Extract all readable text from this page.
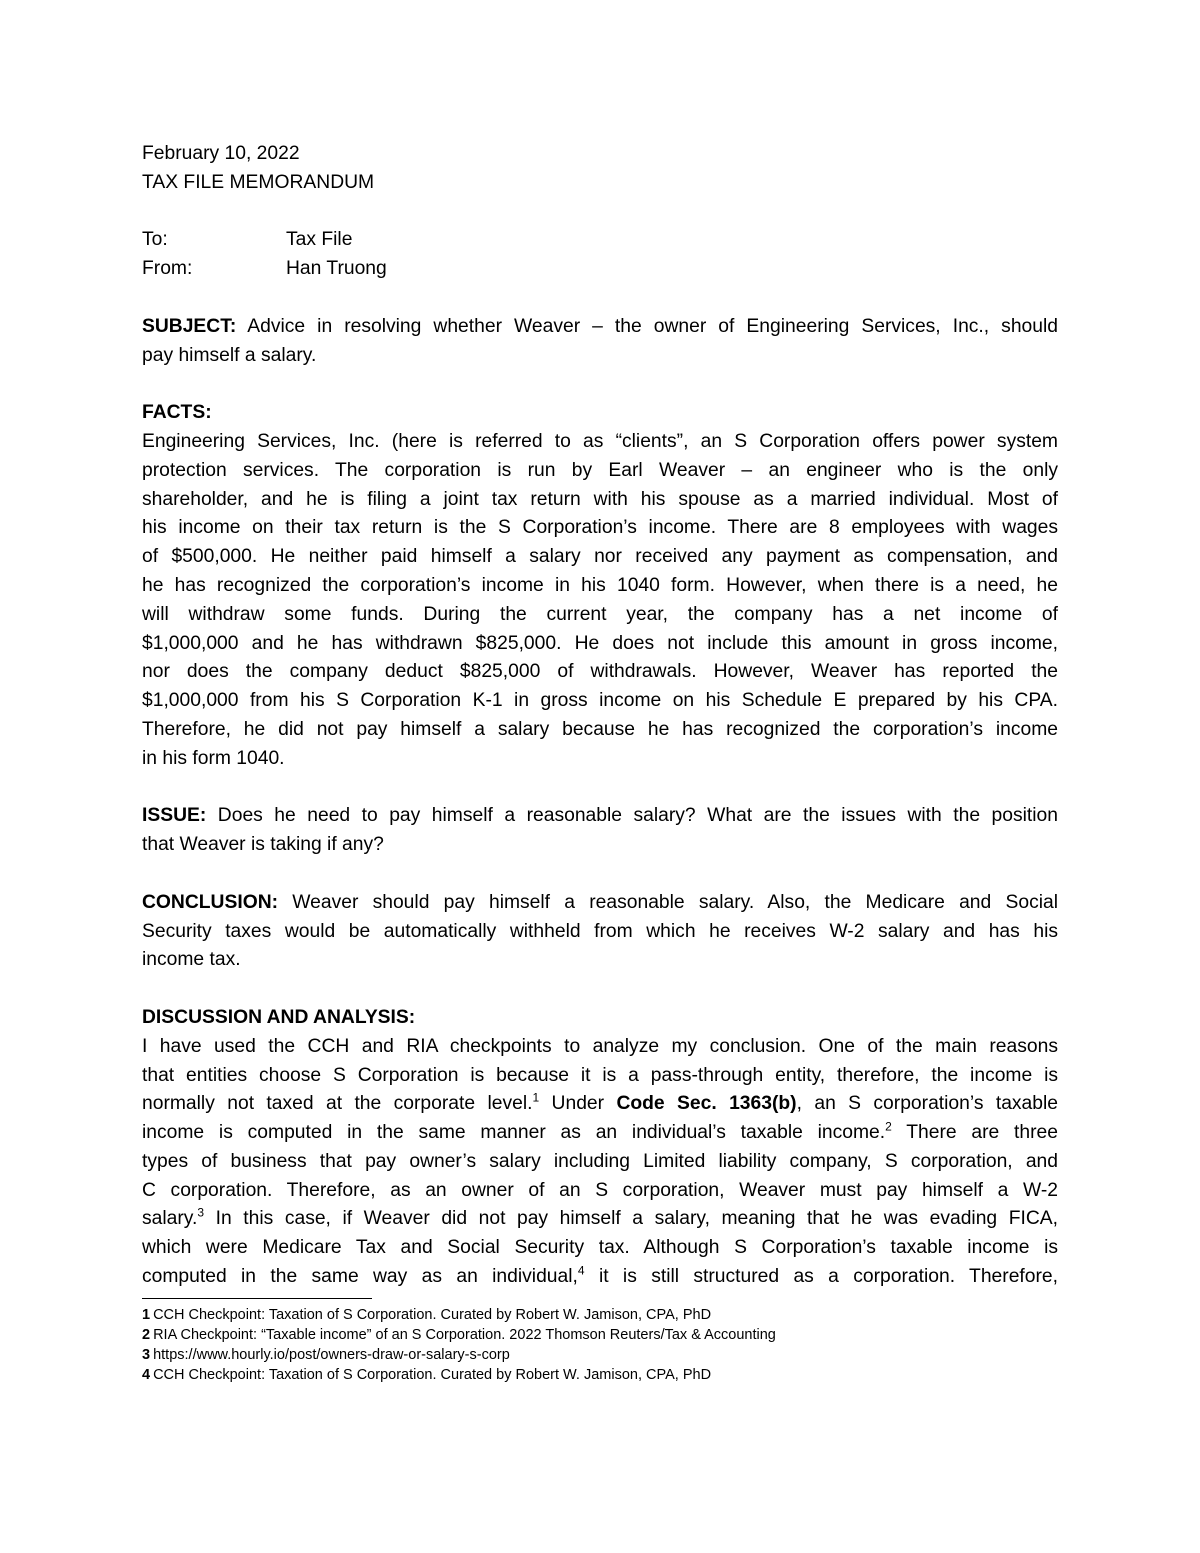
February 10, 2022
TAX FILE MEMORANDUM
To:	Tax File
From:	Han Truong
SUBJECT: Advice in resolving whether Weaver – the owner of Engineering Services, Inc., should
pay himself a salary.
FACTS:
Engineering Services, Inc. (here is referred to as “clients”, an S Corporation offers power system
protection services. The corporation is run by Earl Weaver – an engineer who is the only
shareholder, and he is filing a joint tax return with his spouse as a married individual. Most of
his income on their tax return is the S Corporation’s income. There are 8 employees with wages
of $500,000. He neither paid himself a salary nor received any payment as compensation, and
he has recognized the corporation’s income in his 1040 form. However, when there is a need, he
will withdraw some funds. During the current year, the company has a net income of
$1,000,000 and he has withdrawn $825,000. He does not include this amount in gross income,
nor does the company deduct $825,000 of withdrawals. However, Weaver has reported the
$1,000,000 from his S Corporation K-1 in gross income on his Schedule E prepared by his CPA.
Therefore, he did not pay himself a salary because he has recognized the corporation’s income
in his form 1040.
ISSUE: Does he need to pay himself a reasonable salary? What are the issues with the position
that Weaver is taking if any?
CONCLUSION: Weaver should pay himself a reasonable salary. Also, the Medicare and Social
Security taxes would be automatically withheld from which he receives W-2 salary and has his
income tax.
DISCUSSION AND ANALYSIS:
I have used the CCH and RIA checkpoints to analyze my conclusion. One of the main reasons
that entities choose S Corporation is because it is a pass-through entity, therefore, the income is
normally not taxed at the corporate level.$^1$ Under Code Sec. 1363(b), an S corporation’s taxable
income is computed in the same manner as an individual’s taxable income.$^2$ There are three
types of business that pay owner’s salary including Limited liability company, S corporation, and
C corporation. Therefore, as an owner of an S corporation, Weaver must pay himself a W-2
salary.$^3$ In this case, if Weaver did not pay himself a salary, meaning that he was evading FICA,
which were Medicare Tax and Social Security tax. Although S Corporation’s taxable income is
computed in the same way as an individual,$^4$ it is still structured as a corporation. Therefore,
1 CCH Checkpoint: Taxation of S Corporation. Curated by Robert W. Jamison, CPA, PhD
2 RIA Checkpoint: “Taxable income” of an S Corporation. 2022 Thomson Reuters/Tax & Accounting
3 https://www.hourly.io/post/owners-draw-or-salary-s-corp
4 CCH Checkpoint: Taxation of S Corporation. Curated by Robert W. Jamison, CPA, PhD
